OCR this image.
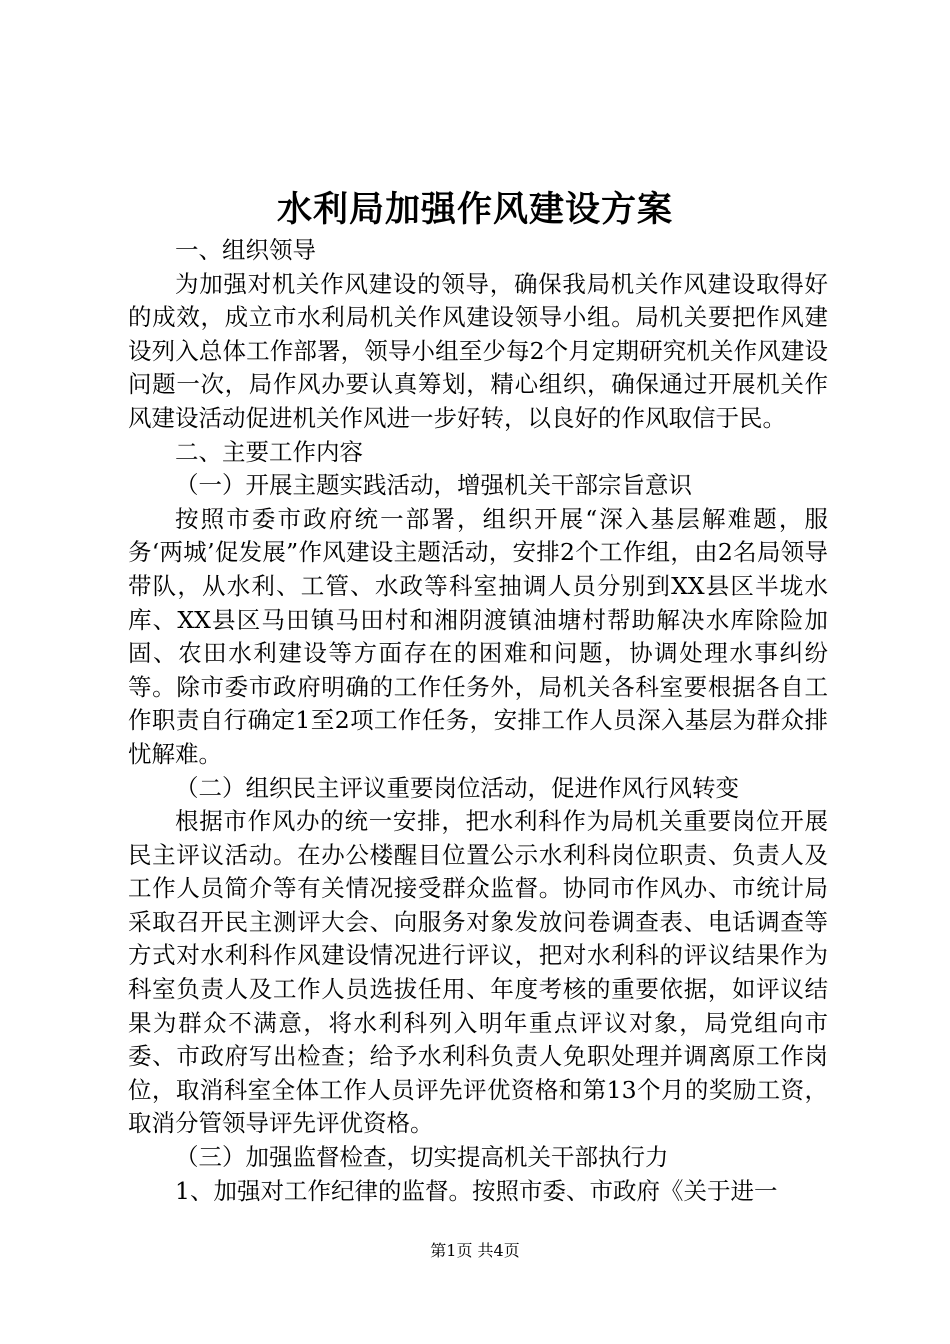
水利局加强作风建设方案

一、组织领导

为加强对机关作风建设的领导，确保我局机关作风建设取得好的成效，成立市水利局机关作风建设领导小组。局机关要把作风建设列入总体工作部署，领导小组至少每2个月定期研究机关作风建设问题一次，局作风办要认真筹划，精心组织，确保通过开展机关作风建设活动促进机关作风进一步好转，以良好的作风取信于民。

二、主要工作内容

（一）开展主题实践活动，增强机关干部宗旨意识

按照市委市政府统一部署，组织开展“深入基层解难题，服务‘两城’促发展”作风建设主题活动，安排2个工作组，由2名局领导带队，从水利、工管、水政等科室抽调人员分别到XX县区半垅水库、XX县区马田镇马田村和湘阴渡镇油塘村帮助解决水库除险加固、农田水利建设等方面存在的困难和问题，协调处理水事纠纷等。除市委市政府明确的工作任务外，局机关各科室要根据各自工作职责自行确定1至2项工作任务，安排工作人员深入基层为群众排忧解难。

（二）组织民主评议重要岗位活动，促进作风行风转变

根据市作风办的统一安排，把水利科作为局机关重要岗位开展民主评议活动。在办公楼醒目位置公示水利科岗位职责、负责人及工作人员简介等有关情况接受群众监督。协同市作风办、市统计局采取召开民主测评大会、向服务对象发放问卷调查表、电话调查等方式对水利科作风建设情况进行评议，把对水利科的评议结果作为科室负责人及工作人员选拔任用、年度考核的重要依据，如评议结果为群众不满意，将水利科列入明年重点评议对象，局党组向市委、市政府写出检查；给予水利科负责人免职处理并调离原工作岗位，取消科室全体工作人员评先评优资格和第13个月的奖励工资，取消分管领导评先评优资格。

（三）加强监督检查，切实提高机关干部执行力

1、加强对工作纪律的监督。按照市委、市政府《关于进一

第1页 共4页
